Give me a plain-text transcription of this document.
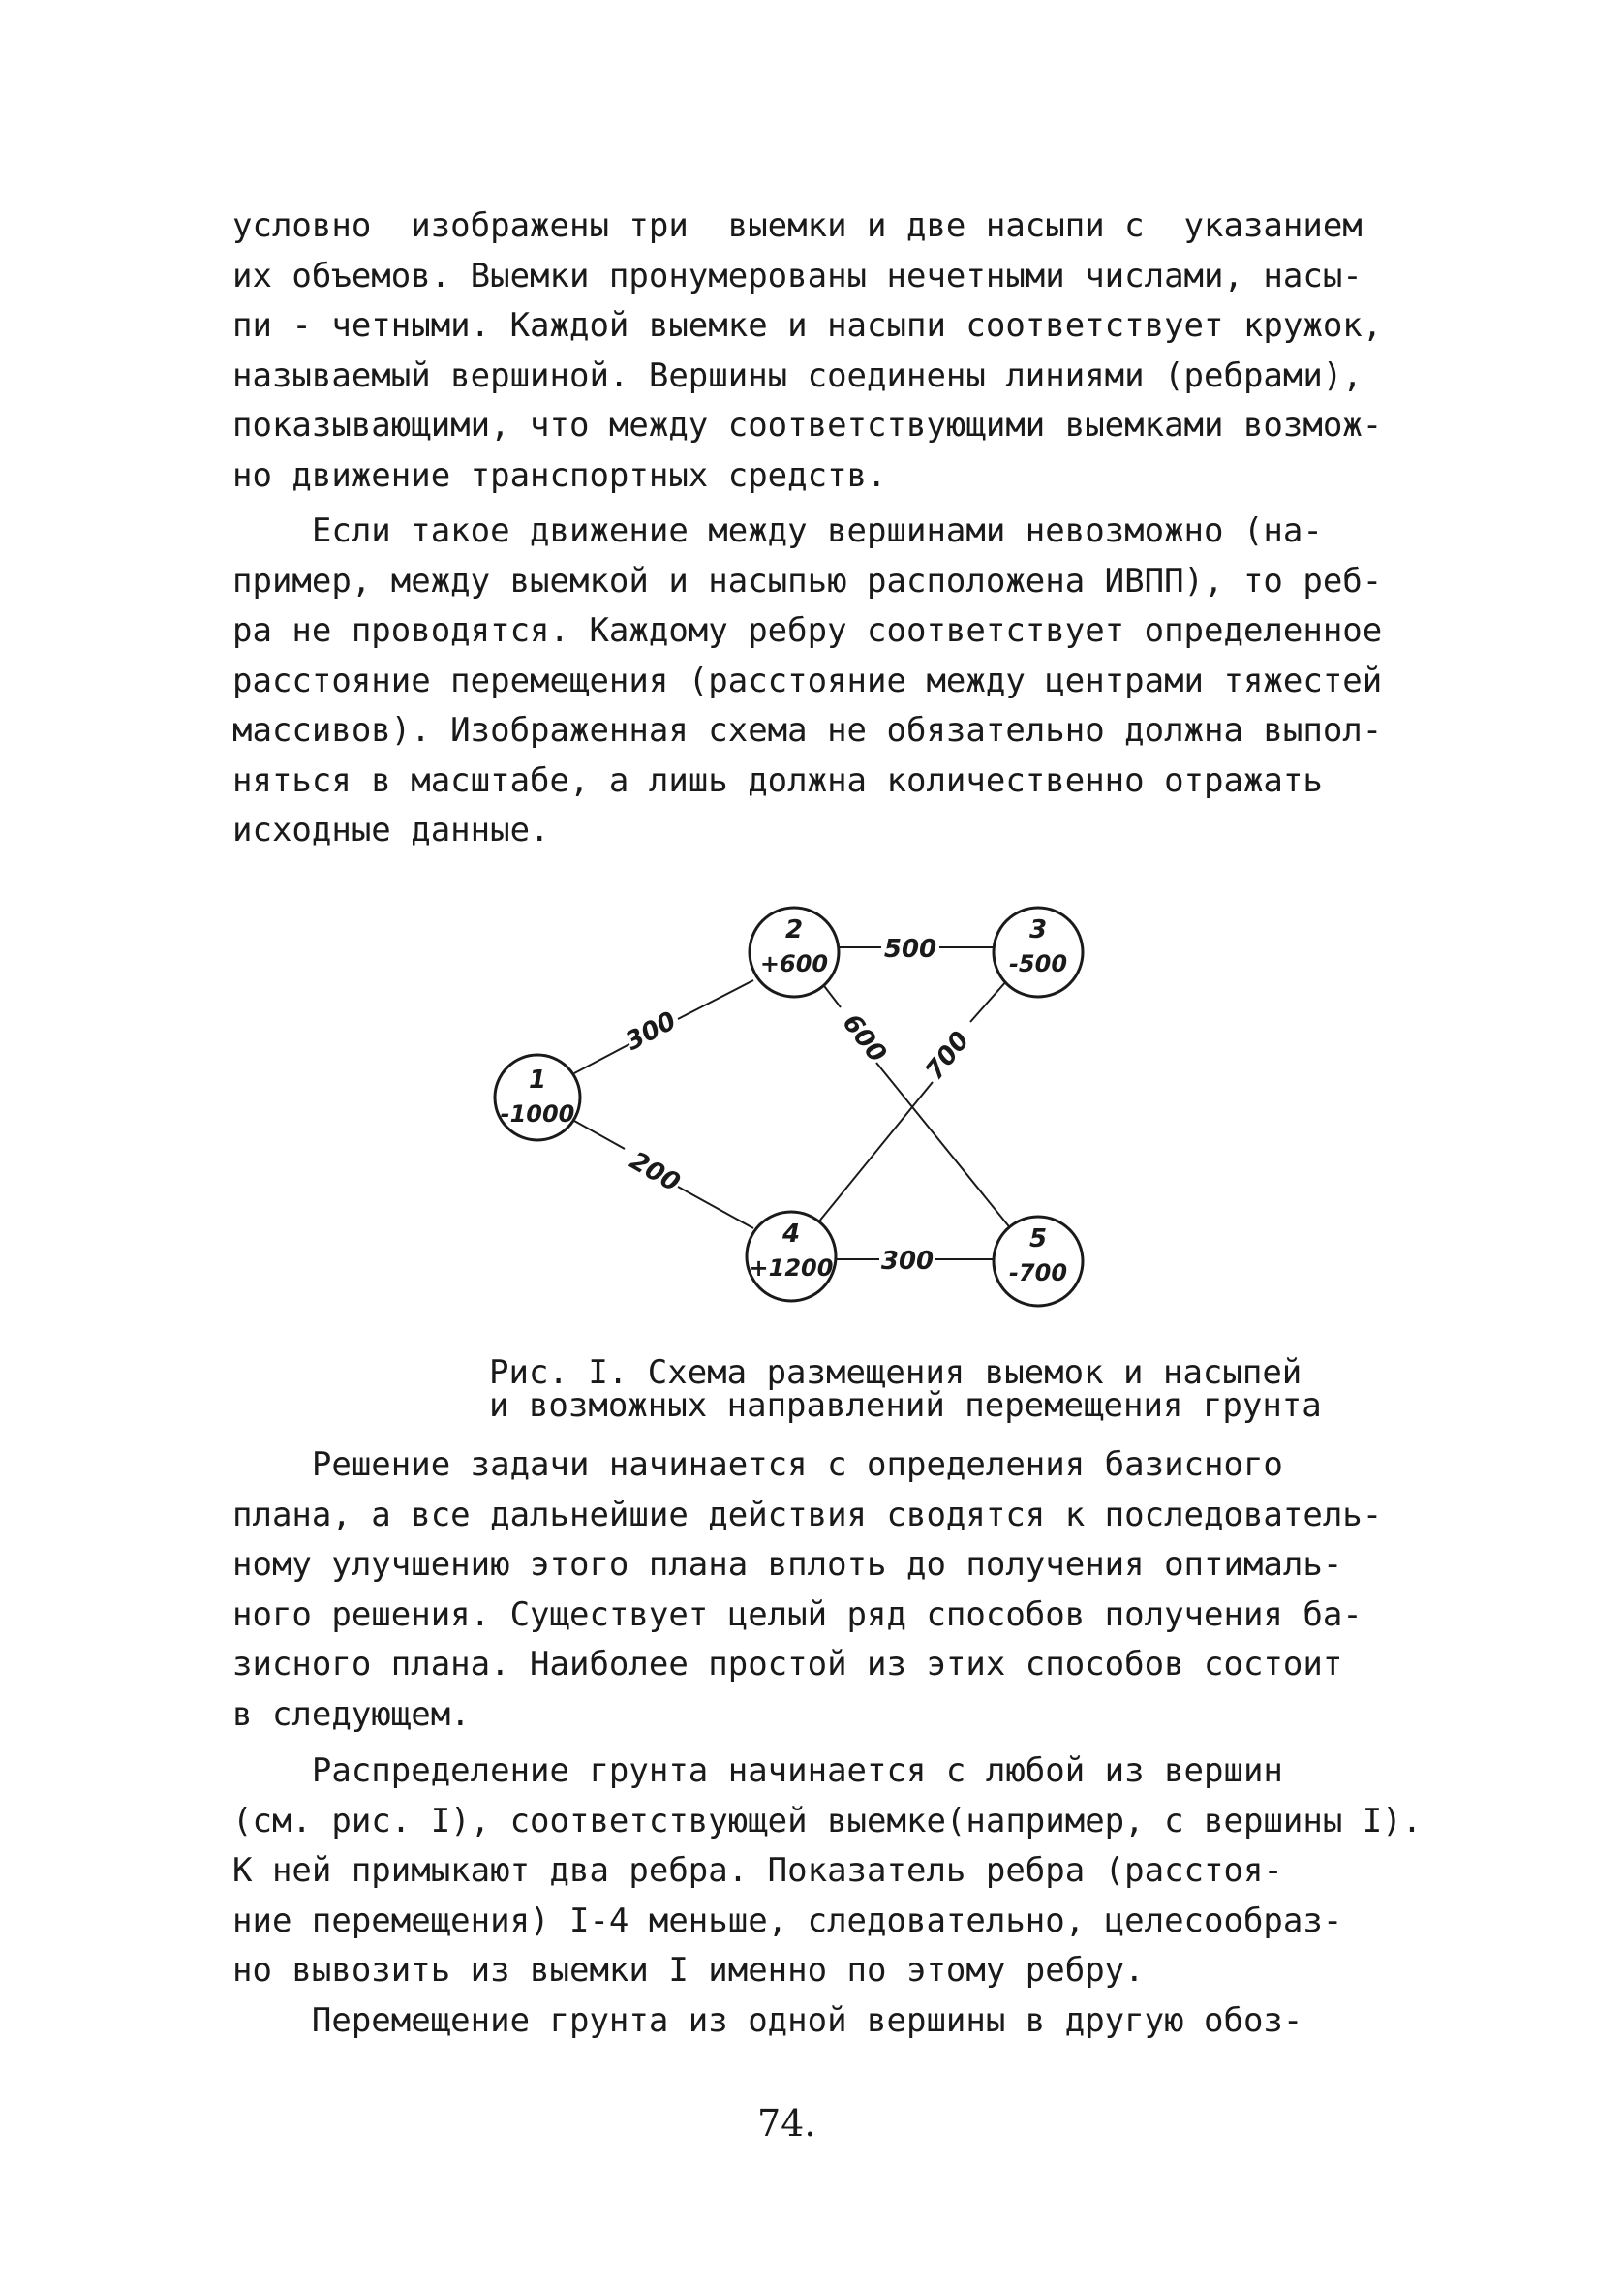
условно  изображены три  выемки и две насыпи с  указанием
их объемов. Выемки пронумерованы нечетными числами, насы-
пи - четными. Каждой выемке и насыпи соответствует кружок,
называемый вершиной. Вершины соединены линиями (ребрами),
показывающими, что между соответствующими выемками возмож-
но движение транспортных средств.
Если такое движение между вершинами невозможно (на-
пример, между выемкой и насыпью расположена ИВПП), то реб-
ра не проводятся. Каждому ребру соответствует определенное
расстояние перемещения (расстояние между центрами тяжестей
массивов). Изображенная схема не обязательно должна выпол-
няться в масштабе, а лишь должна количественно отражать
исходные данные.
1
-1000
2
+600
3
-500
4
+1200
5
-700
300
200
500
600 700
300
Рис. I. Схема размещения выемок и насыпей
и возможных направлений перемещения грунта
Решение задачи начинается с определения базисного
плана, а все дальнейшие действия сводятся к последователь-
ному улучшению этого плана вплоть до получения оптималь-
ного решения. Существует целый ряд способов получения ба-
зисного плана. Наиболее простой из этих способов состоит
в следующем.
Распределение грунта начинается с любой из вершин
(см. рис. I), соответствующей выемке(например, с вершины I).
К ней примыкают два ребра. Показатель ребра (расстоя-
ние перемещения) I-4 меньше, следовательно, целесообраз-
но вывозить из выемки I именно по этому ребру.
Перемещение грунта из одной вершины в другую обоз-
74.
